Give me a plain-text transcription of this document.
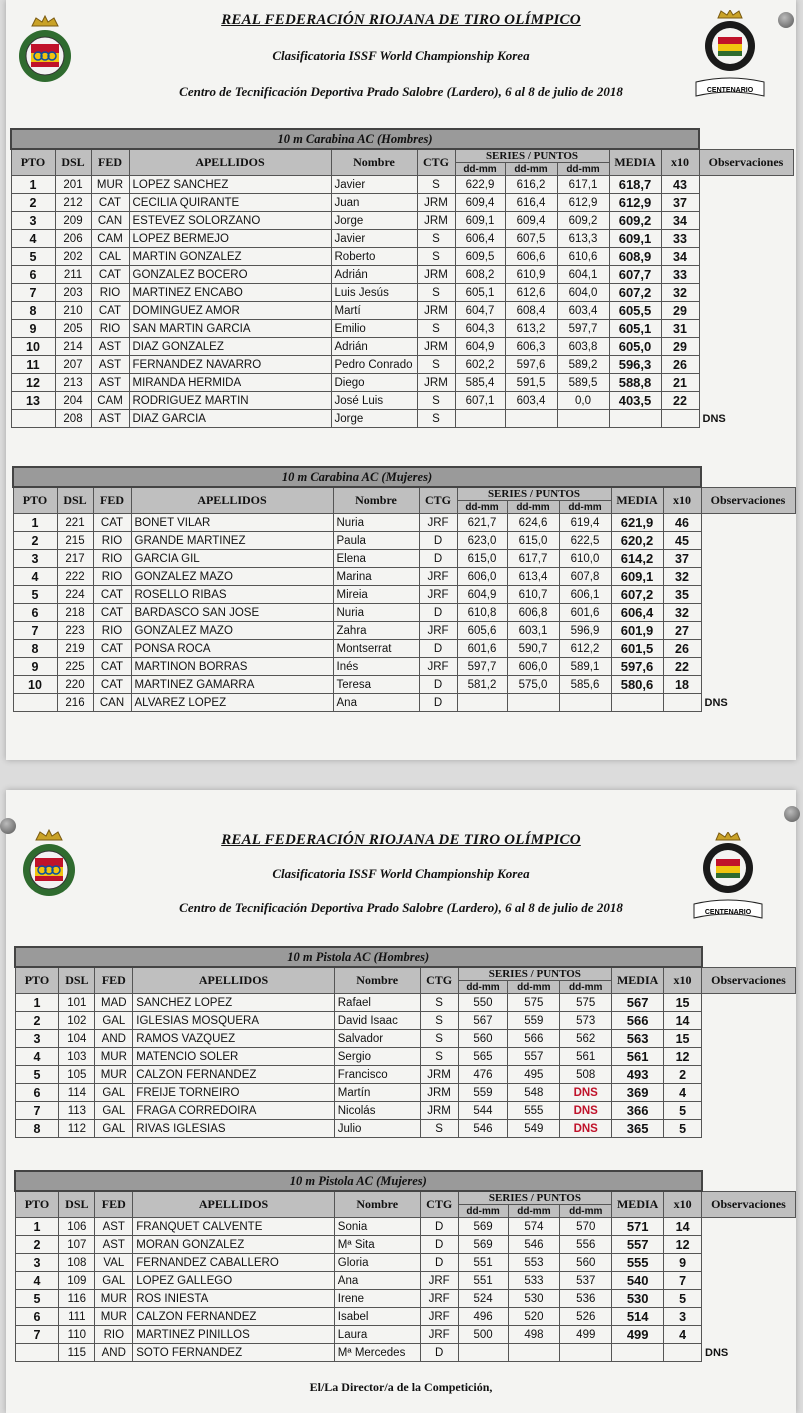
CENTENARIO
REAL FEDERACIÓN RIOJANA DE TIRO OLÍMPICO
Clasificatoria ISSF World Championship Korea
Centro de Tecnificación Deportiva Prado Salobre (Lardero), 6 al 8 de julio de 2018
10 m Carabina AC (Hombres)											
PTO	DSL	FED	APELLIDOS	Nombre	CTG	SERIES / PUNTOS			MEDIA	x10	Observaciones
						dd-mm	dd-mm	dd-mm			
1	201	MUR	LOPEZ SANCHEZ	Javier	S	622,9	616,2	617,1	618,7	43	
2	212	CAT	CECILIA QUIRANTE	Juan	JRM	609,4	616,4	612,9	612,9	37	
3	209	CAN	ESTEVEZ SOLORZANO	Jorge	JRM	609,1	609,4	609,2	609,2	34	
4	206	CAM	LOPEZ BERMEJO	Javier	S	606,4	607,5	613,3	609,1	33	
5	202	CAL	MARTIN GONZALEZ	Roberto	S	609,5	606,6	610,6	608,9	34	
6	211	CAT	GONZALEZ BOCERO	Adrián	JRM	608,2	610,9	604,1	607,7	33	
7	203	RIO	MARTINEZ ENCABO	Luis Jesús	S	605,1	612,6	604,0	607,2	32	
8	210	CAT	DOMINGUEZ AMOR	Martí	JRM	604,7	608,4	603,4	605,5	29	
9	205	RIO	SAN MARTIN GARCIA	Emilio	S	604,3	613,2	597,7	605,1	31	
10	214	AST	DIAZ GONZALEZ	Adrián	JRM	604,9	606,3	603,8	605,0	29	
11	207	AST	FERNANDEZ NAVARRO	Pedro Conrado	S	602,2	597,6	589,2	596,3	26	
12	213	AST	MIRANDA HERMIDA	Diego	JRM	585,4	591,5	589,5	588,8	21	
13	204	CAM	RODRIGUEZ MARTIN	José Luis	S	607,1	603,4	0,0	403,5	22	
	208	AST	DIAZ GARCIA	Jorge	S						DNS
10 m Carabina AC (Mujeres)											
PTO	DSL	FED	APELLIDOS	Nombre	CTG	SERIES / PUNTOS			MEDIA	x10	Observaciones
						dd-mm	dd-mm	dd-mm			
1	221	CAT	BONET VILAR	Nuria	JRF	621,7	624,6	619,4	621,9	46	
2	215	RIO	GRANDE MARTINEZ	Paula	D	623,0	615,0	622,5	620,2	45	
3	217	RIO	GARCIA GIL	Elena	D	615,0	617,7	610,0	614,2	37	
4	222	RIO	GONZALEZ MAZO	Marina	JRF	606,0	613,4	607,8	609,1	32	
5	224	CAT	ROSELLO RIBAS	Mireia	JRF	604,9	610,7	606,1	607,2	35	
6	218	CAT	BARDASCO SAN JOSE	Nuria	D	610,8	606,8	601,6	606,4	32	
7	223	RIO	GONZALEZ MAZO	Zahra	JRF	605,6	603,1	596,9	601,9	27	
8	219	CAT	PONSA ROCA	Montserrat	D	601,6	590,7	612,2	601,5	26	
9	225	CAT	MARTINON BORRAS	Inés	JRF	597,7	606,0	589,1	597,6	22	
10	220	CAT	MARTINEZ GAMARRA	Teresa	D	581,2	575,0	585,6	580,6	18	
	216	CAN	ALVAREZ LOPEZ	Ana	D						DNS
CENTENARIO
REAL FEDERACIÓN RIOJANA DE TIRO OLÍMPICO
Clasificatoria ISSF World Championship Korea
Centro de Tecnificación Deportiva Prado Salobre (Lardero), 6 al 8 de julio de 2018
10 m Pistola AC (Hombres)											
PTO	DSL	FED	APELLIDOS	Nombre	CTG	SERIES / PUNTOS			MEDIA	x10	Observaciones
						dd-mm	dd-mm	dd-mm			
1	101	MAD	SANCHEZ LOPEZ	Rafael	S	550	575	575	567	15	
2	102	GAL	IGLESIAS MOSQUERA	David Isaac	S	567	559	573	566	14	
3	104	AND	RAMOS VAZQUEZ	Salvador	S	560	566	562	563	15	
4	103	MUR	MATENCIO SOLER	Sergio	S	565	557	561	561	12	
5	105	MUR	CALZON FERNANDEZ	Francisco	JRM	476	495	508	493	2	
6	114	GAL	FREIJE TORNEIRO	Martín	JRM	559	548	DNS	369	4	
7	113	GAL	FRAGA CORREDOIRA	Nicolás	JRM	544	555	DNS	366	5	
8	112	GAL	RIVAS IGLESIAS	Julio	S	546	549	DNS	365	5	
10 m Pistola AC (Mujeres)											
PTO	DSL	FED	APELLIDOS	Nombre	CTG	SERIES / PUNTOS			MEDIA	x10	Observaciones
						dd-mm	dd-mm	dd-mm			
1	106	AST	FRANQUET CALVENTE	Sonia	D	569	574	570	571	14	
2	107	AST	MORAN GONZALEZ	Mª Sita	D	569	546	556	557	12	
3	108	VAL	FERNANDEZ CABALLERO	Gloria	D	551	553	560	555	9	
4	109	GAL	LOPEZ GALLEGO	Ana	JRF	551	533	537	540	7	
5	116	MUR	ROS INIESTA	Irene	JRF	524	530	536	530	5	
6	111	MUR	CALZON FERNANDEZ	Isabel	JRF	496	520	526	514	3	
7	110	RIO	MARTINEZ PINILLOS	Laura	JRF	500	498	499	499	4	
	115	AND	SOTO FERNANDEZ	Mª Mercedes	D						DNS
El/La Director/a de la Competición,
